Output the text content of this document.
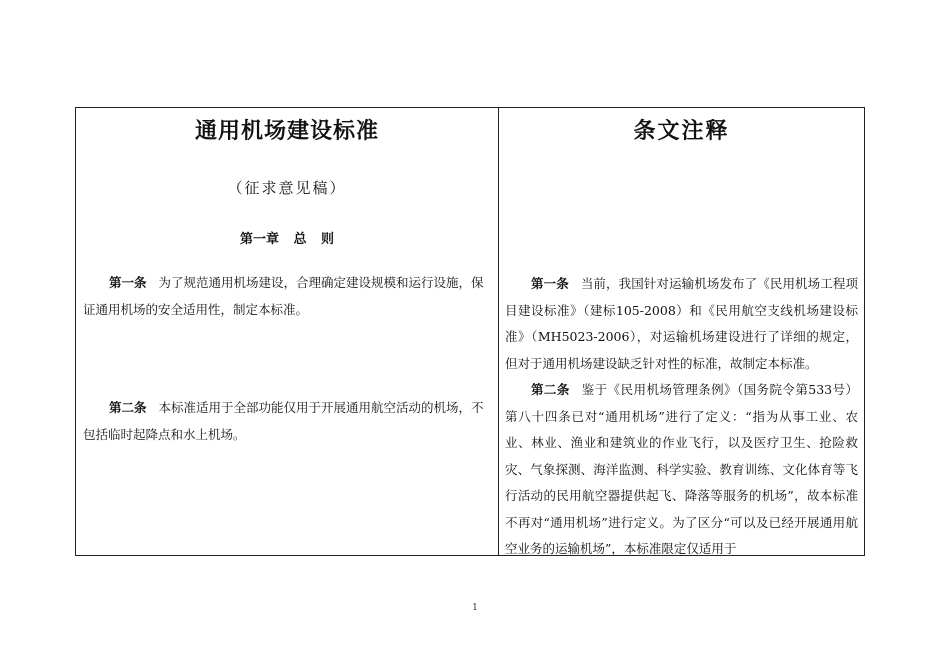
通用机场建设标准
（征求意见稿）
第一章 总 则

第一条 为了规范通用机场建设，合理确定建设规模和运行设施，保证通用机场的安全适用性，制定本标准。

第二条 本标准适用于全部功能仅用于开展通用航空活动的机场，不包括临时起降点和水上机场。

条文注释

第一条 当前，我国针对运输机场发布了《民用机场工程项目建设标准》（建标105-2008）和《民用航空支线机场建设标准》（MH5023-2006），对运输机场建设进行了详细的规定，但对于通用机场建设缺乏针对性的标准，故制定本标准。

第二条 鉴于《民用机场管理条例》（国务院令第533号）第八十四条已对“通用机场”进行了定义：“指为从事工业、农业、林业、渔业和建筑业的作业飞行，以及医疗卫生、抢险救灾、气象探测、海洋监测、科学实验、教育训练、文化体育等飞行活动的民用航空器提供起飞、降落等服务的机场”，故本标准不再对“通用机场”进行定义。为了区分“可以及已经开展通用航空业务的运输机场”，本标准限定仅适用于

1
